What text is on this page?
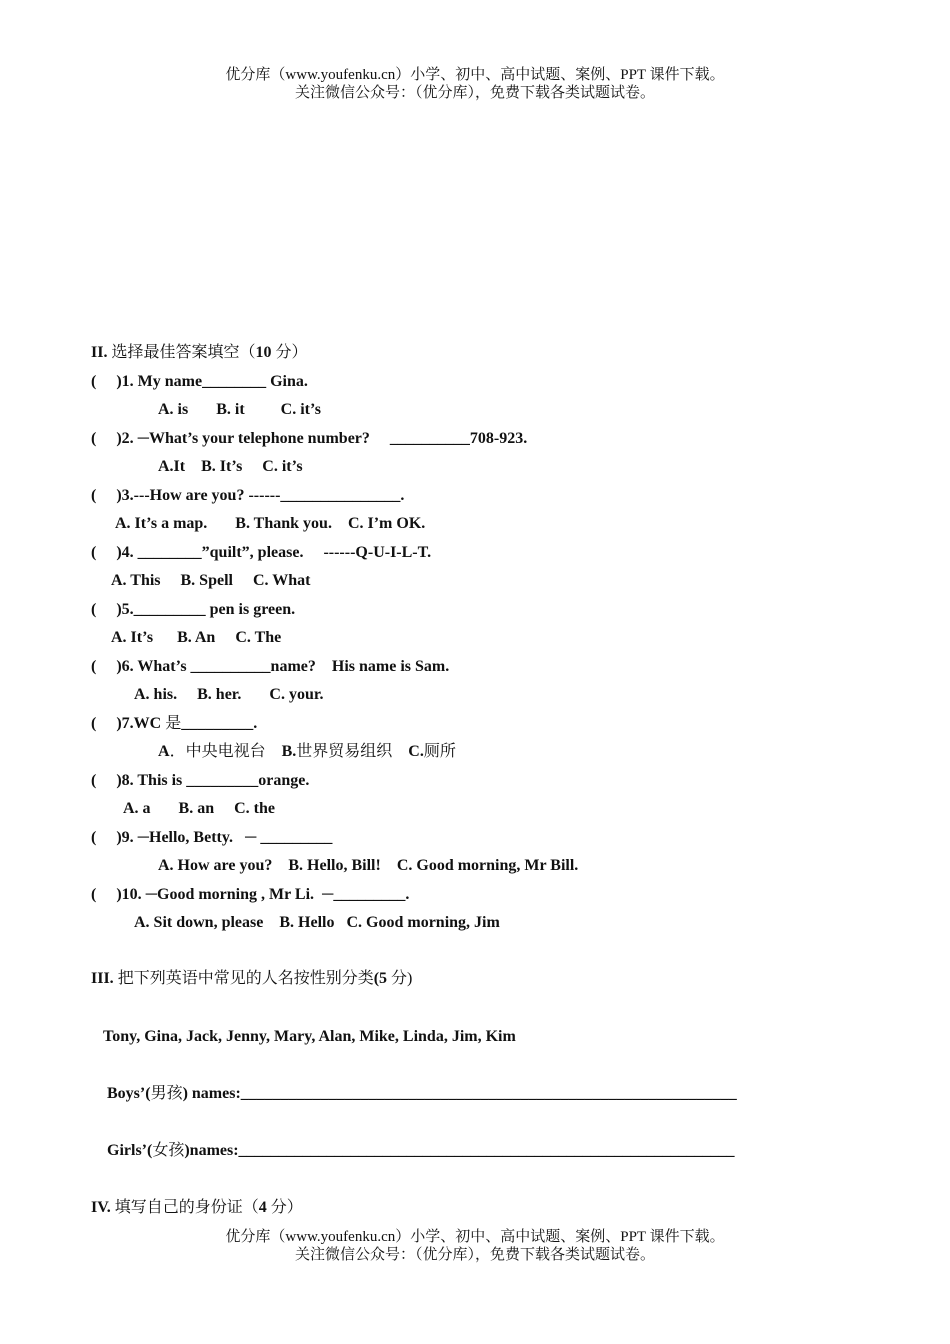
优分库（www.youfenku.cn）小学、初中、高中试题、案例、PPT 课件下载。
关注微信公众号：（优分库），免费下载各类试题试卷。
II. 选择最佳答案填空（10 分）
(     )1. My name________ Gina.
A. is       B. it         C. it’s
(     )2. ─What’s your telephone number?     __________708-923.
A.It    B. It’s     C. it’s
(     )3.---How are you? ------_______________.
A. It’s a map.       B. Thank you.    C. I’m OK.
(     )4. ________”quilt”, please.     ------Q-U-I-L-T.
A. This     B. Spell     C. What
(     )5._________ pen is green.
A. It’s      B. An     C. The
(     )6. What’s __________name?    His name is Sam.
A. his.     B. her.       C. your.
(     )7.WC 是_________.
A．中央电视台    B.世界贸易组织    C.厕所
(     )8. This is _________orange.
A. a       B. an     C. the
(     )9. ─Hello, Betty.   ─ _________
A. How are you?    B. Hello, Bill!    C. Good morning, Mr Bill.
(     )10. ─Good morning , Mr Li.  ─_________.
A. Sit down, please    B. Hello   C. Good morning, Jim
III. 把下列英语中常见的人名按性别分类(5 分)
Tony, Gina, Jack, Jenny, Mary, Alan, Mike, Linda, Jim, Kim
Boys’(男孩) names:______________________________________________________________
Girls’(女孩)names:______________________________________________________________
IV. 填写自己的身份证（4 分）
优分库（www.youfenku.cn）小学、初中、高中试题、案例、PPT 课件下载。
关注微信公众号：（优分库），免费下载各类试题试卷。
